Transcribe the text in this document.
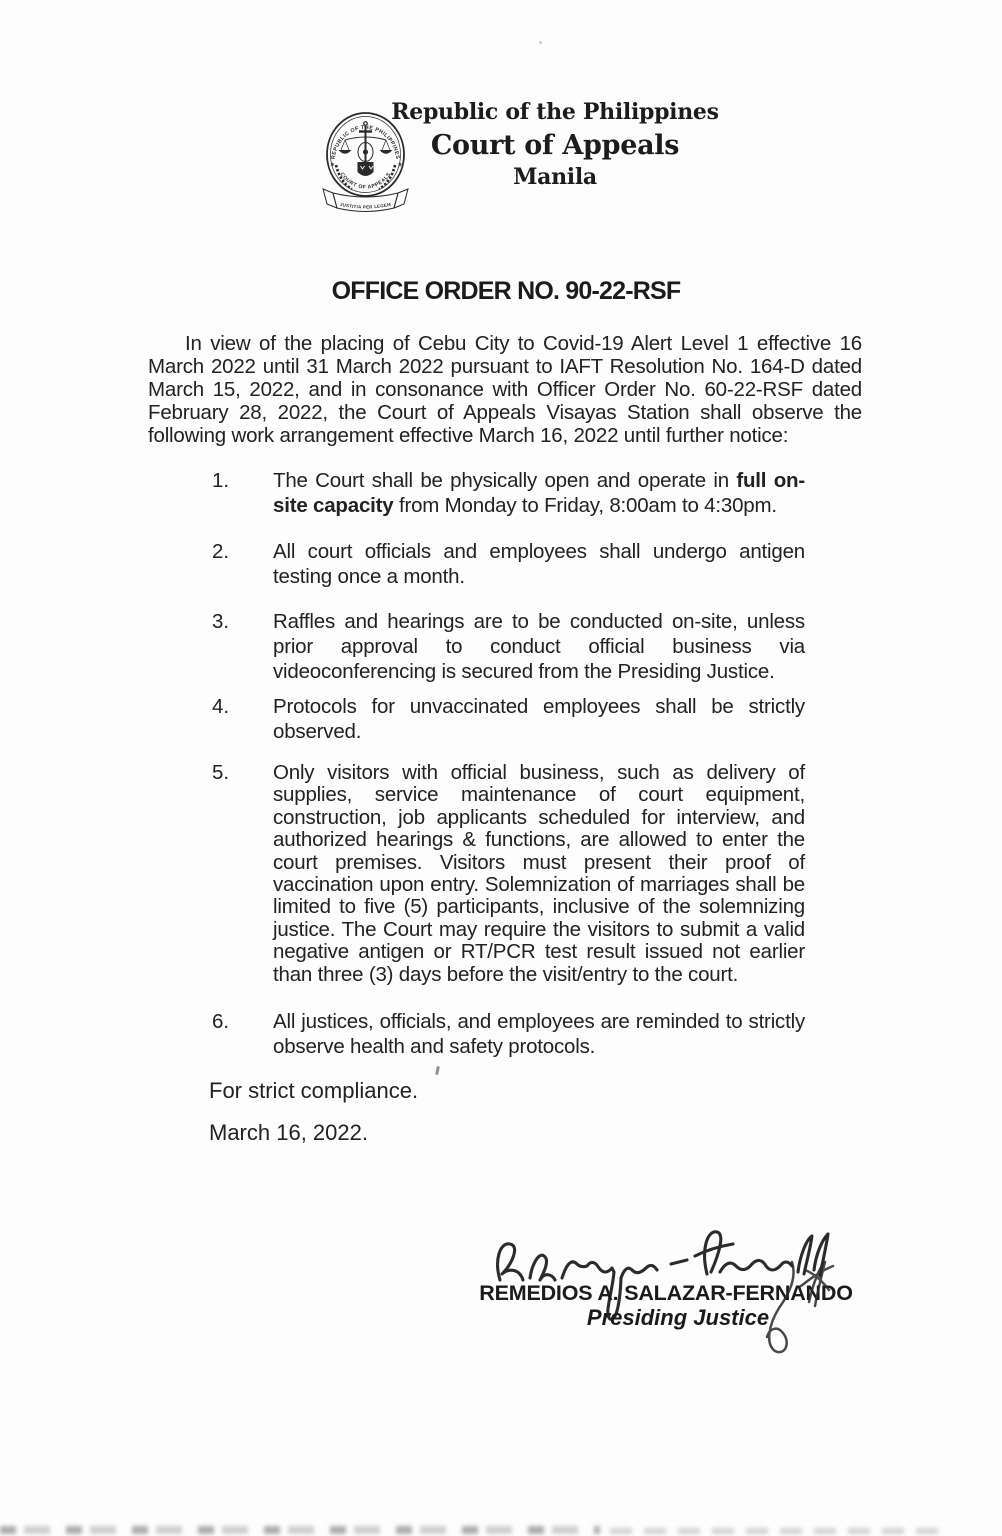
REPUBLIC OF THE PHILIPPINES
COURT OF APPEALS
✶	✶
JUSTITIA PER LEGEM
Republic of the Philippines
Court of Appeals
Manila
OFFICE ORDER NO. 90-22-RSF
In view of the placing of Cebu City to Covid-19 Alert Level 1 effective 16 March 2022 until 31 March 2022 pursuant to IAFT Resolution No. 164-D dated March 15, 2022, and in consonance with Officer Order No. 60-22-RSF dated February 28, 2022, the Court of Appeals Visayas Station shall observe the following work arrangement effective March 16, 2022 until further notice:
1.	The Court shall be physically open and operate in full on-site capacity from Monday to Friday, 8:00am to 4:30pm.
2.	All court officials and employees shall undergo antigen testing once a month.
3.	Raffles and hearings are to be conducted on-site, unless prior approval to conduct official business via videoconferencing is secured from the Presiding Justice.
4.	Protocols for unvaccinated employees shall be strictly observed.
5.	Only visitors with official business, such as delivery of supplies, service maintenance of court equipment, construction, job applicants scheduled for interview, and authorized hearings & functions, are allowed to enter the court premises. Visitors must present their proof of vaccination upon entry. Solemnization of marriages shall be limited to five (5) participants, inclusive of the solemnizing justice. The Court may require the visitors to submit a valid negative antigen or RT/PCR test result issued not earlier than three (3) days before the visit/entry to the court.
6.	All justices, officials, and employees are reminded to strictly observe health and safety protocols.
For strict compliance.
March 16, 2022.
REMEDIOS A. SALAZAR-FERNANDO
Presiding Justice
